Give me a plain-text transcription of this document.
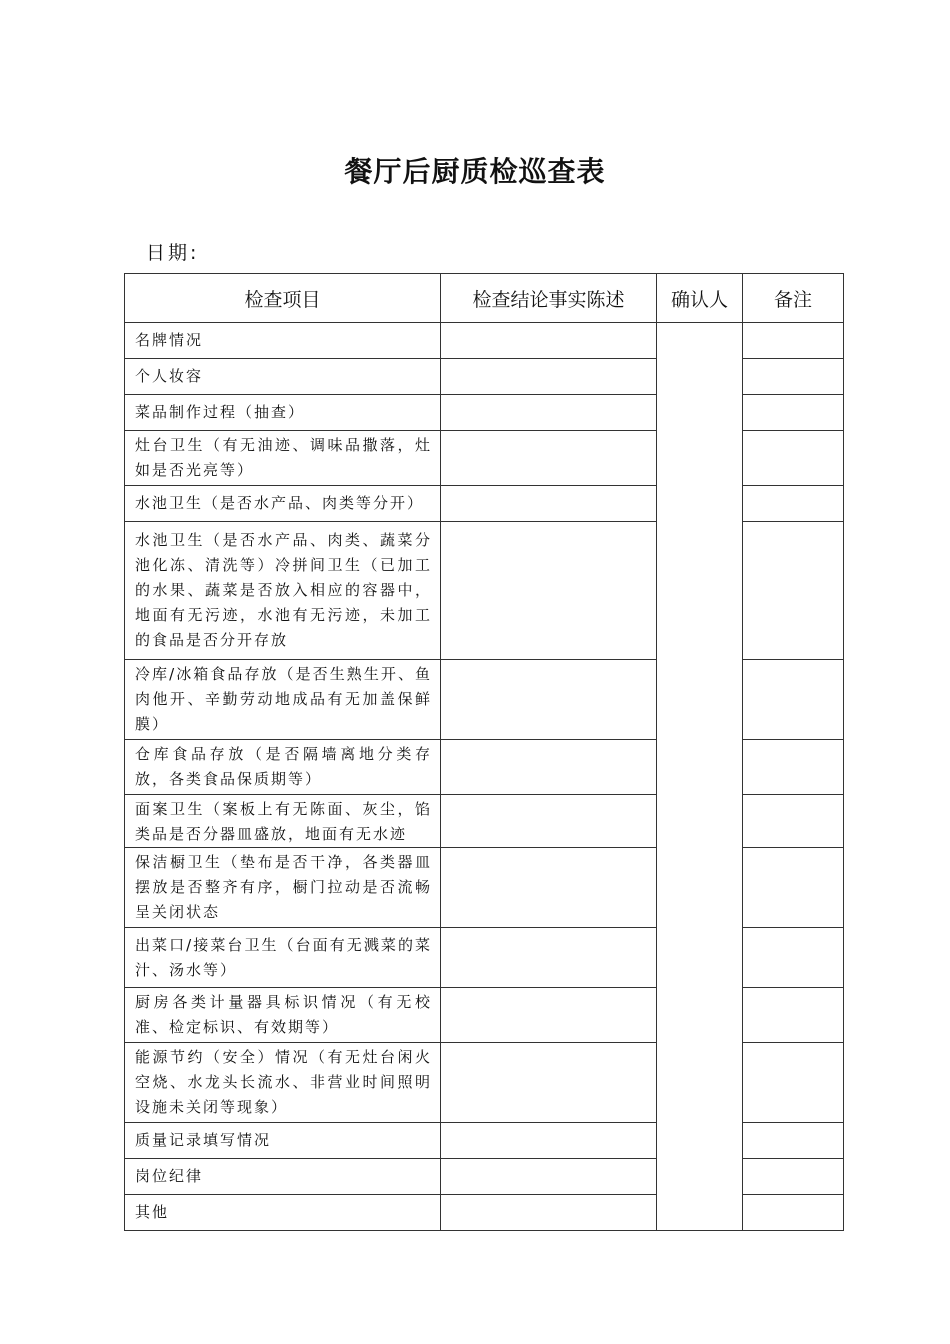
餐厅后厨质检巡查表
日期:
检查项目	检查结论事实陈述	确认人	备注
名牌情况			
个人妆容			
菜品制作过程（抽查）			
灶台卫生（有无油迹、调味品撒落，灶如是否光亮等）			
水池卫生（是否水产品、肉类等分开）			
水池卫生（是否水产品、肉类、蔬菜分池化冻、清洗等）冷拼间卫生（已加工的水果、蔬菜是否放入相应的容器中，地面有无污迹，水池有无污迹，未加工的食品是否分开存放			
冷库/冰箱食品存放（是否生熟生开、鱼肉他开、辛勤劳动地成品有无加盖保鲜膜）			
仓库食品存放（是否隔墙离地分类存放，各类食品保质期等）			

面案卫生（案板上有无陈面、灰尘，馅类品是否分器皿盛放，地面有无水迹			

保洁橱卫生（垫布是否干净，各类器皿摆放是否整齐有序，橱门拉动是否流畅呈关闭状态			
出菜口/接菜台卫生（台面有无溅菜的菜汁、汤水等）			
厨房各类计量器具标识情况（有无校准、检定标识、有效期等）			
能源节约（安全）情况（有无灶台闲火空烧、水龙头长流水、非营业时间照明设施未关闭等现象）			
质量记录填写情况			
岗位纪律			
其他			
